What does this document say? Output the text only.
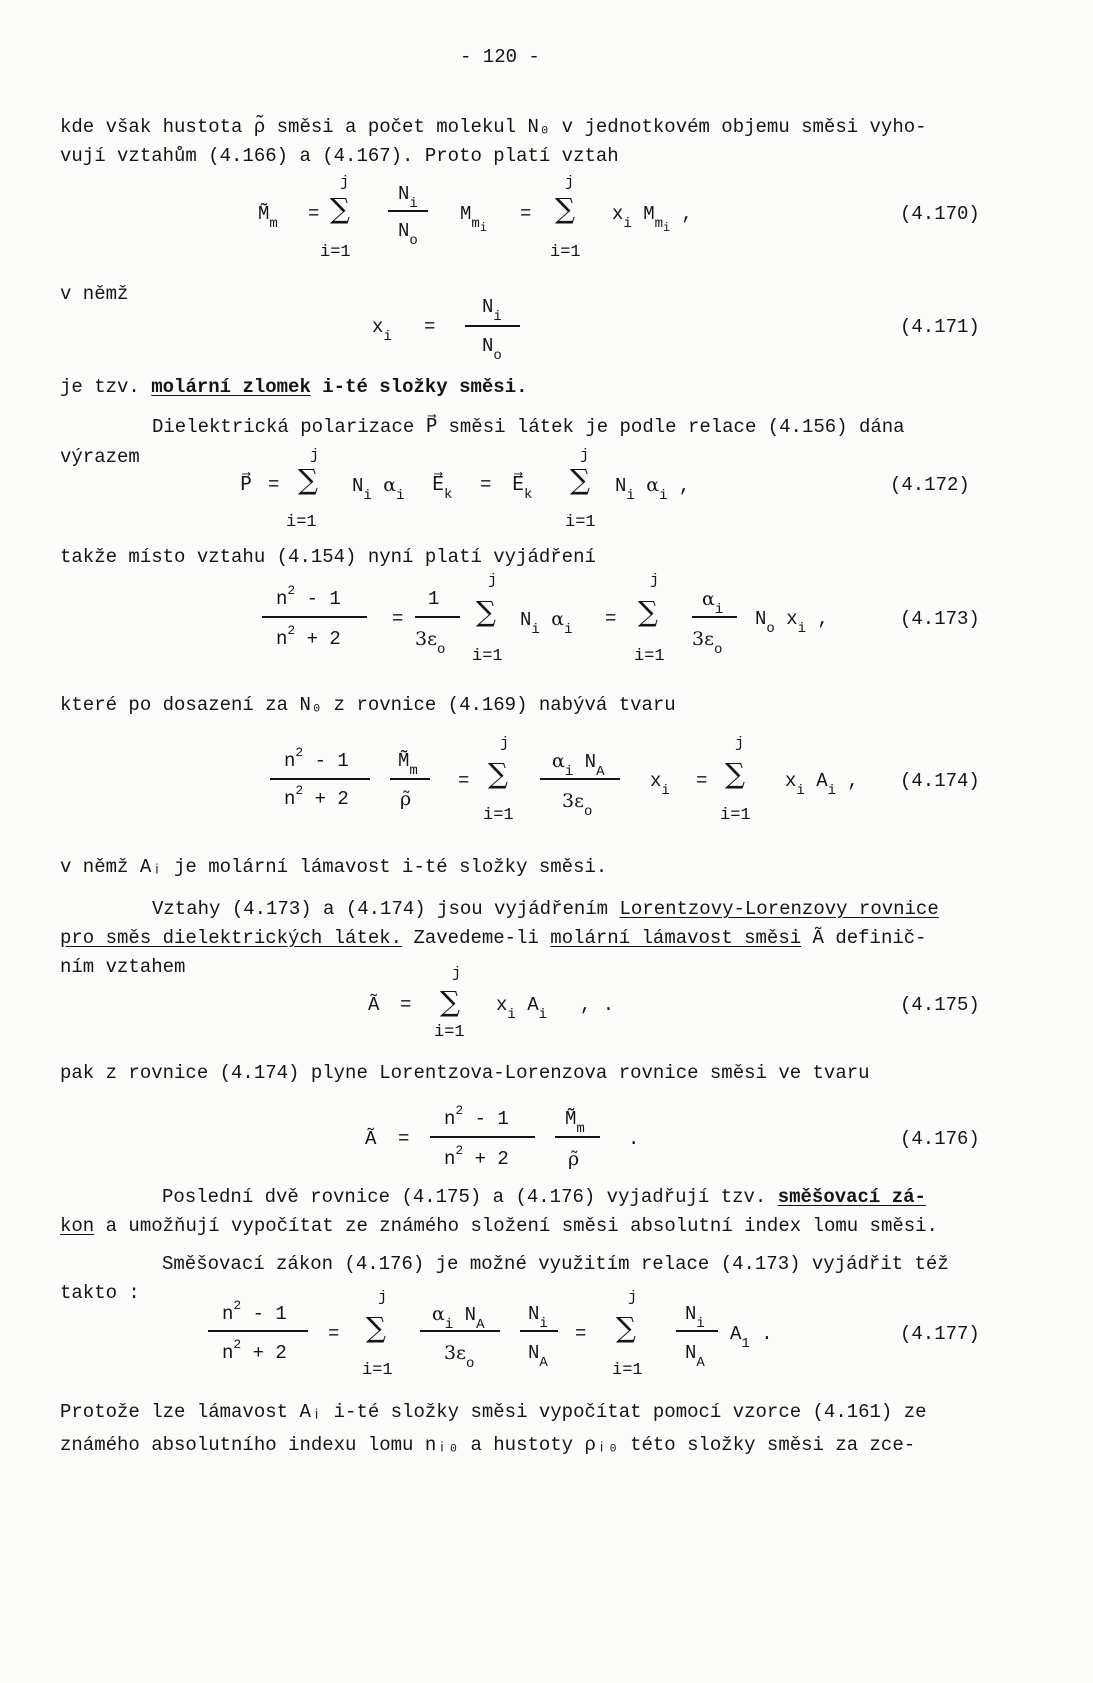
- 120 -
kde však hustota ρ̃ směsi a počet molekul N₀ v jednotkovém objemu směsi vyho-
vují vztahům (4.166) a (4.167). Proto platí vztah
$M̃_m$ =
j
∑
i=1
$N_i$
$N_o$
$M_{m_i}$
=
j
∑
i=1
$x_i$ $M_{m_i}$ ,	(4.170)
v němž
$x_i$ =
$N_i$
$N_o$
(4.171)
je tzv. molární zlomek i-té složky směsi.
Dielektrická polarizace P⃗ směsi látek je podle relace (4.156) dána
výrazem
P⃗ =
j
∑
i=1
$N_i$ $\alpha_i$ $E⃗_k$ = $E⃗_k$
j
∑
i=1
$N_i$ $\alpha_i$ ,	(4.172)
takže místo vztahu (4.154) nyní platí vyjádření
$n^2 - 1$
$n^2 + 2$
=
1
$3\varepsilon_o$
j
∑
i=1
$N_i$ $\alpha_i$ =
j
∑
i=1
$\alpha_i$
$3\varepsilon_o$
$N_o$ $x_i$ ,	(4.173)
které po dosazení za N₀ z rovnice (4.169) nabývá tvaru
$n^2 - 1$
$n^2 + 2$
$M̃_m$
ρ̃
=
j
∑
i=1
$\alpha_i$ $N_A$
$3\varepsilon_o$
$x_i$ =
j
∑
i=1
$x_i$ $A_i$ , (4.174)
v němž Aᵢ je molární lámavost i-té složky směsi.
Vztahy (4.173) a (4.174) jsou vyjádřením Lorentzovy-Lorenzovy rovnice
pro směs dielektrických látek. Zavedeme-li molární lámavost směsi Ã definič-
ním vztahem
Ã =
j
∑
i=1
$x_i$ $A_i$ , .	(4.175)
pak z rovnice (4.174) plyne Lorentzova-Lorenzova rovnice směsi ve tvaru
Ã =
$n^2 - 1$
$n^2 + 2$
$M̃_m$
ρ̃
.	(4.176)
Poslední dvě rovnice (4.175) a (4.176) vyjadřují tzv. směšovací zá-
kon a umožňují vypočítat ze známého složení směsi absolutní index lomu směsi.
Směšovací zákon (4.176) je možné využitím relace (4.173) vyjádřit též
takto :
$n^2 - 1$
$n^2 + 2$
=
j
∑
i=1
$\alpha_i$ $N_A$
$3\varepsilon_o$
$N_i$
$N_A$
=
j
∑
i=1
$N_i$
$N_A$
$A_1$ .	(4.177)
Protože lze lámavost Aᵢ i-té složky směsi vypočítat pomocí vzorce (4.161) ze
známého absolutního indexu lomu nᵢ₀ a hustoty ρᵢ₀ této složky směsi za zce-
